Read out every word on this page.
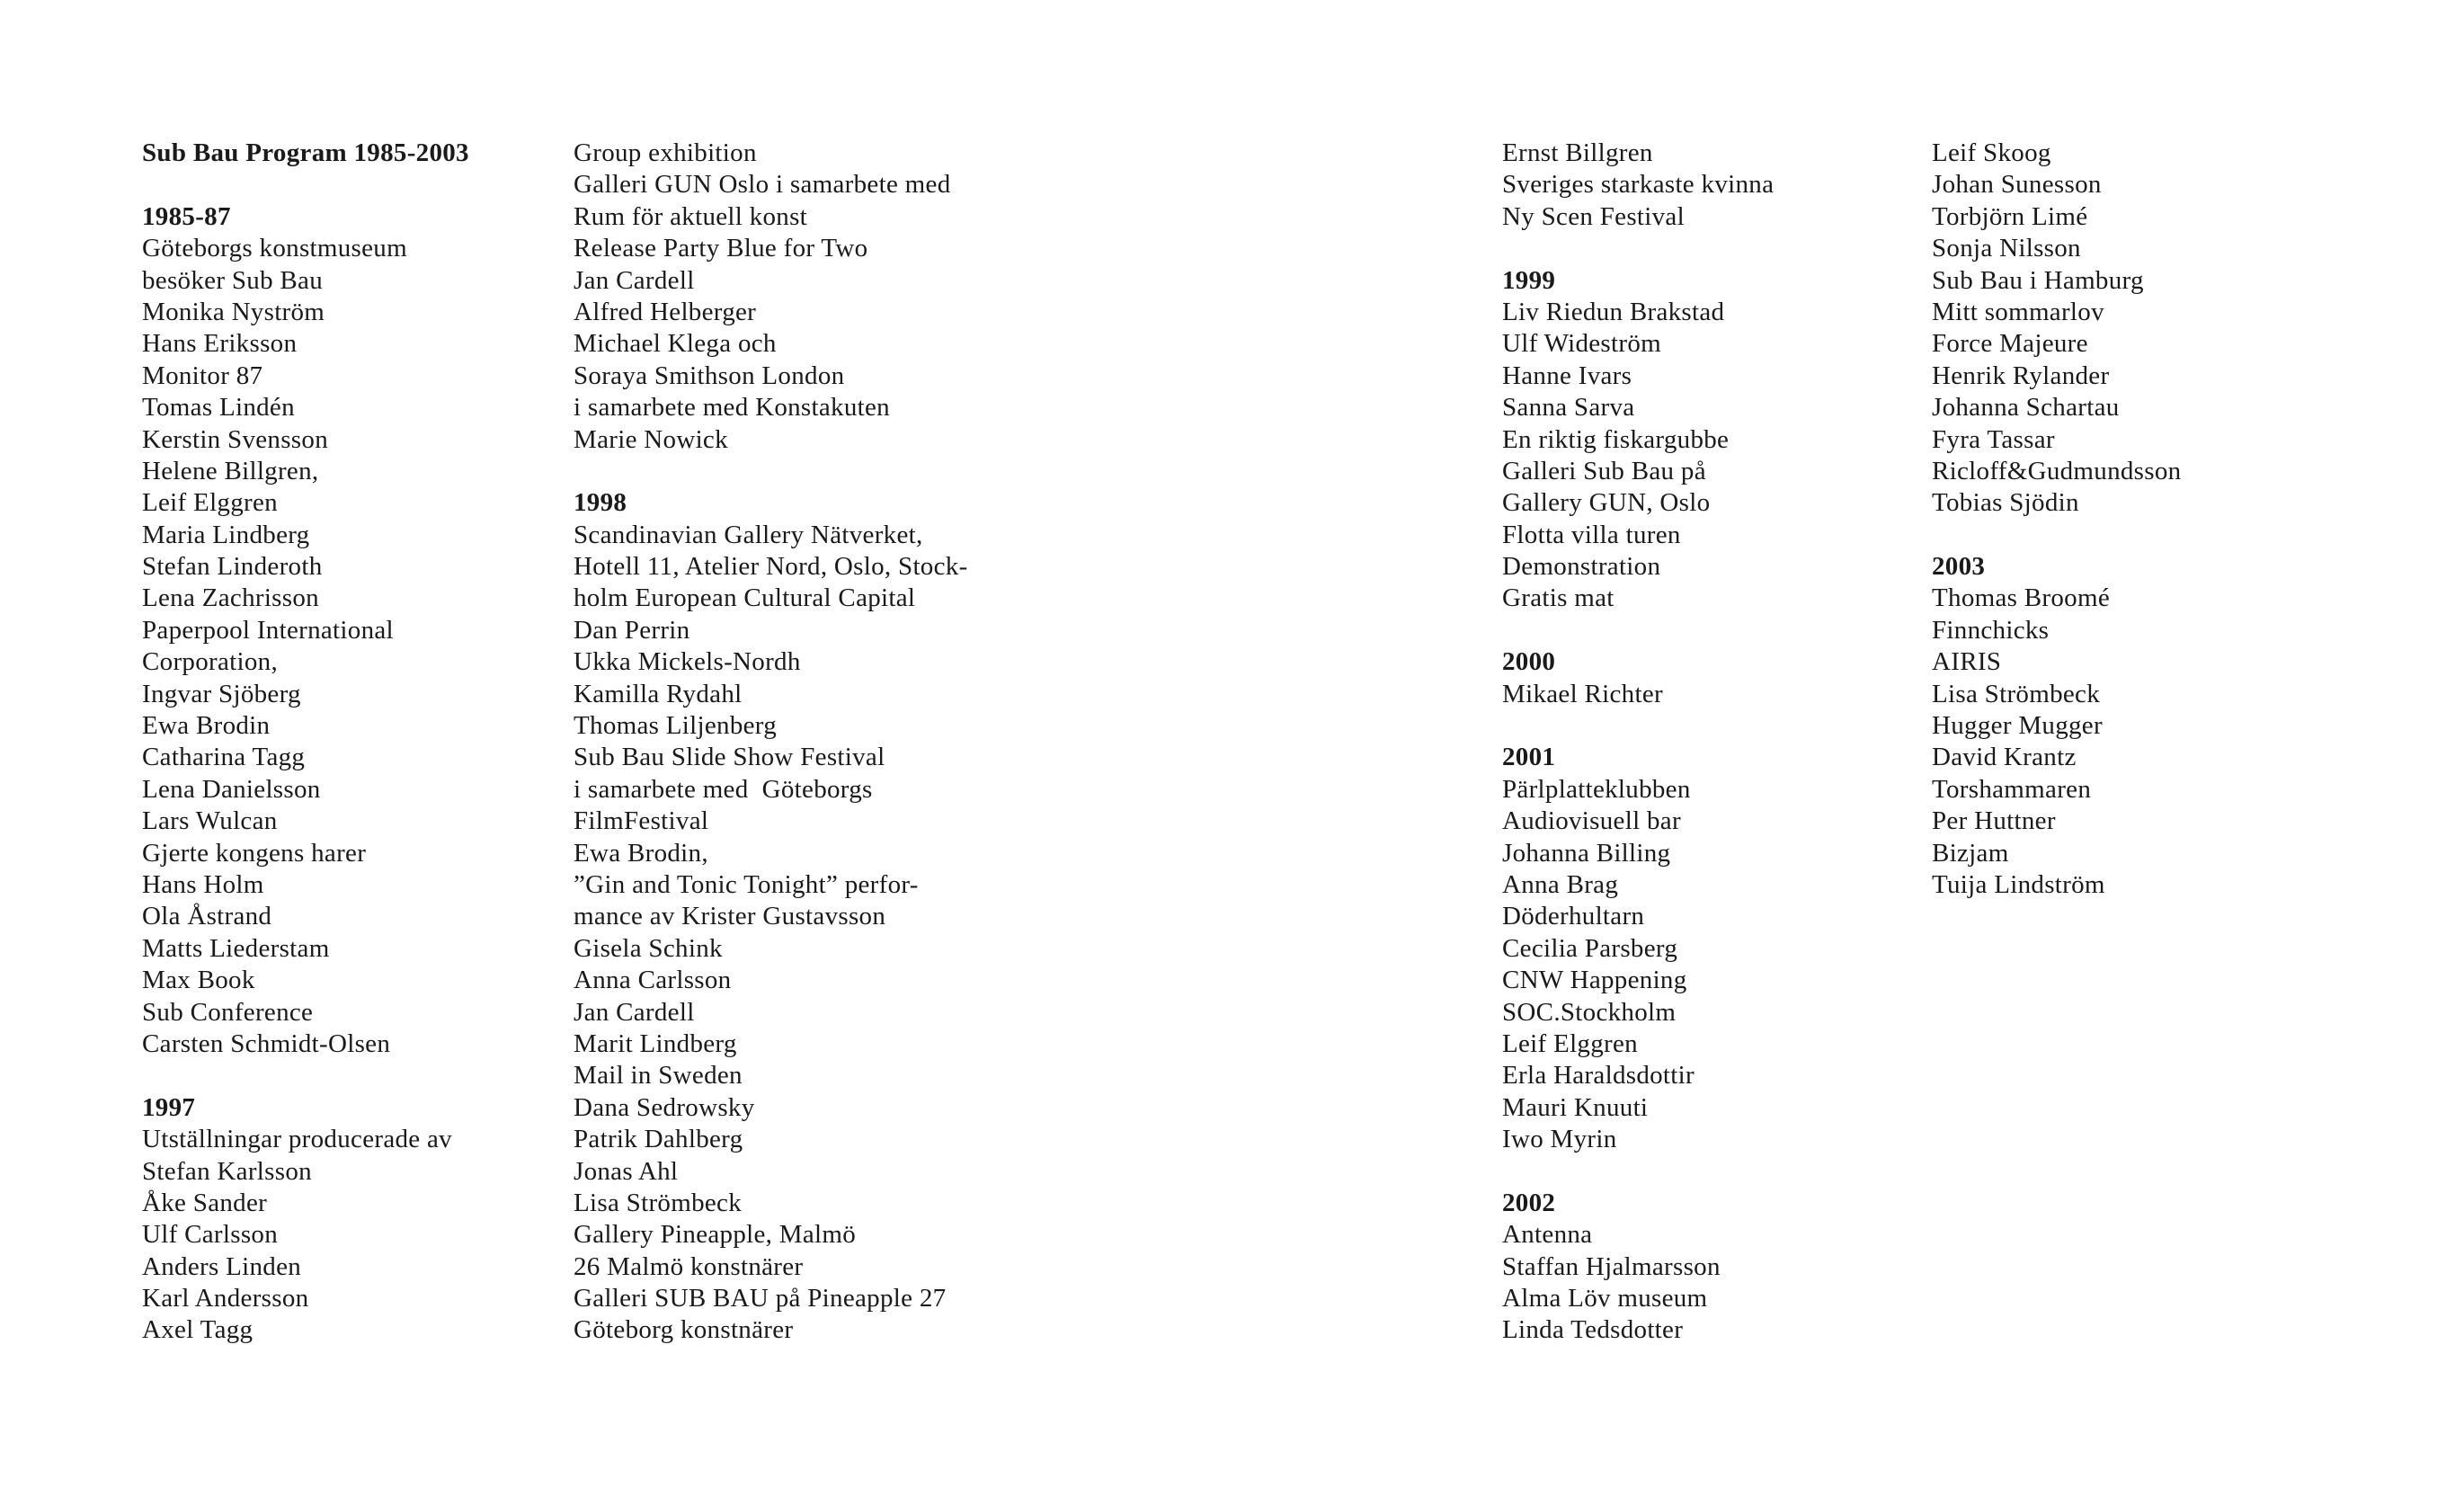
Sub Bau Program 1985-2003
1985-87
Göteborgs konstmuseum
besöker Sub Bau
Monika Nyström
Hans Eriksson
Monitor 87
Tomas Lindén
Kerstin Svensson
Helene Billgren,
Leif Elggren
Maria Lindberg
Stefan Linderoth
Lena Zachrisson
Paperpool International
Corporation,
Ingvar Sjöberg
Ewa Brodin
Catharina Tagg
Lena Danielsson
Lars Wulcan
Gjerte kongens harer
Hans Holm
Ola Åstrand
Matts Liederstam
Max Book
Sub Conference
Carsten Schmidt-Olsen
1997
Utställningar producerade av
Stefan Karlsson
Åke Sander
Ulf Carlsson
Anders Linden
Karl Andersson
Axel Tagg
Group exhibition
Galleri GUN Oslo i samarbete med
Rum för aktuell konst
Release Party Blue for Two
Jan Cardell
Alfred Helberger
Michael Klega och
Soraya Smithson London
i samarbete med Konstakuten
Marie Nowick
1998
Scandinavian Gallery Nätverket,
Hotell 11, Atelier Nord, Oslo, Stock-
holm European Cultural Capital
Dan Perrin
Ukka Mickels-Nordh
Kamilla Rydahl
Thomas Liljenberg
Sub Bau Slide Show Festival
i samarbete med  Göteborgs
FilmFestival
Ewa Brodin,
”Gin and Tonic Tonight” perfor-
mance av Krister Gustavsson
Gisela Schink
Anna Carlsson
Jan Cardell
Marit Lindberg
Mail in Sweden
Dana Sedrowsky
Patrik Dahlberg
Jonas Ahl
Lisa Strömbeck
Gallery Pineapple, Malmö
26 Malmö konstnärer
Galleri SUB BAU på Pineapple 27
Göteborg konstnärer
Ernst Billgren
Sveriges starkaste kvinna
Ny Scen Festival
1999
Liv Riedun Brakstad
Ulf Wideström
Hanne Ivars
Sanna Sarva
En riktig fiskargubbe
Galleri Sub Bau på
Gallery GUN, Oslo
Flotta villa turen
Demonstration
Gratis mat
2000
Mikael Richter
2001
Pärlplatteklubben
Audiovisuell bar
Johanna Billing
Anna Brag
Döderhultarn
Cecilia Parsberg
CNW Happening
SOC.Stockholm
Leif Elggren
Erla Haraldsdottir
Mauri Knuuti
Iwo Myrin
2002
Antenna
Staffan Hjalmarsson
Alma Löv museum
Linda Tedsdotter
Leif Skoog
Johan Sunesson
Torbjörn Limé
Sonja Nilsson
Sub Bau i Hamburg
Mitt sommarlov
Force Majeure
Henrik Rylander
Johanna Schartau
Fyra Tassar
Ricloff&Gudmundsson
Tobias Sjödin
2003
Thomas Broomé
Finnchicks
AIRIS
Lisa Strömbeck
Hugger Mugger
David Krantz
Torshammaren
Per Huttner
Bizjam
Tuija Lindström
